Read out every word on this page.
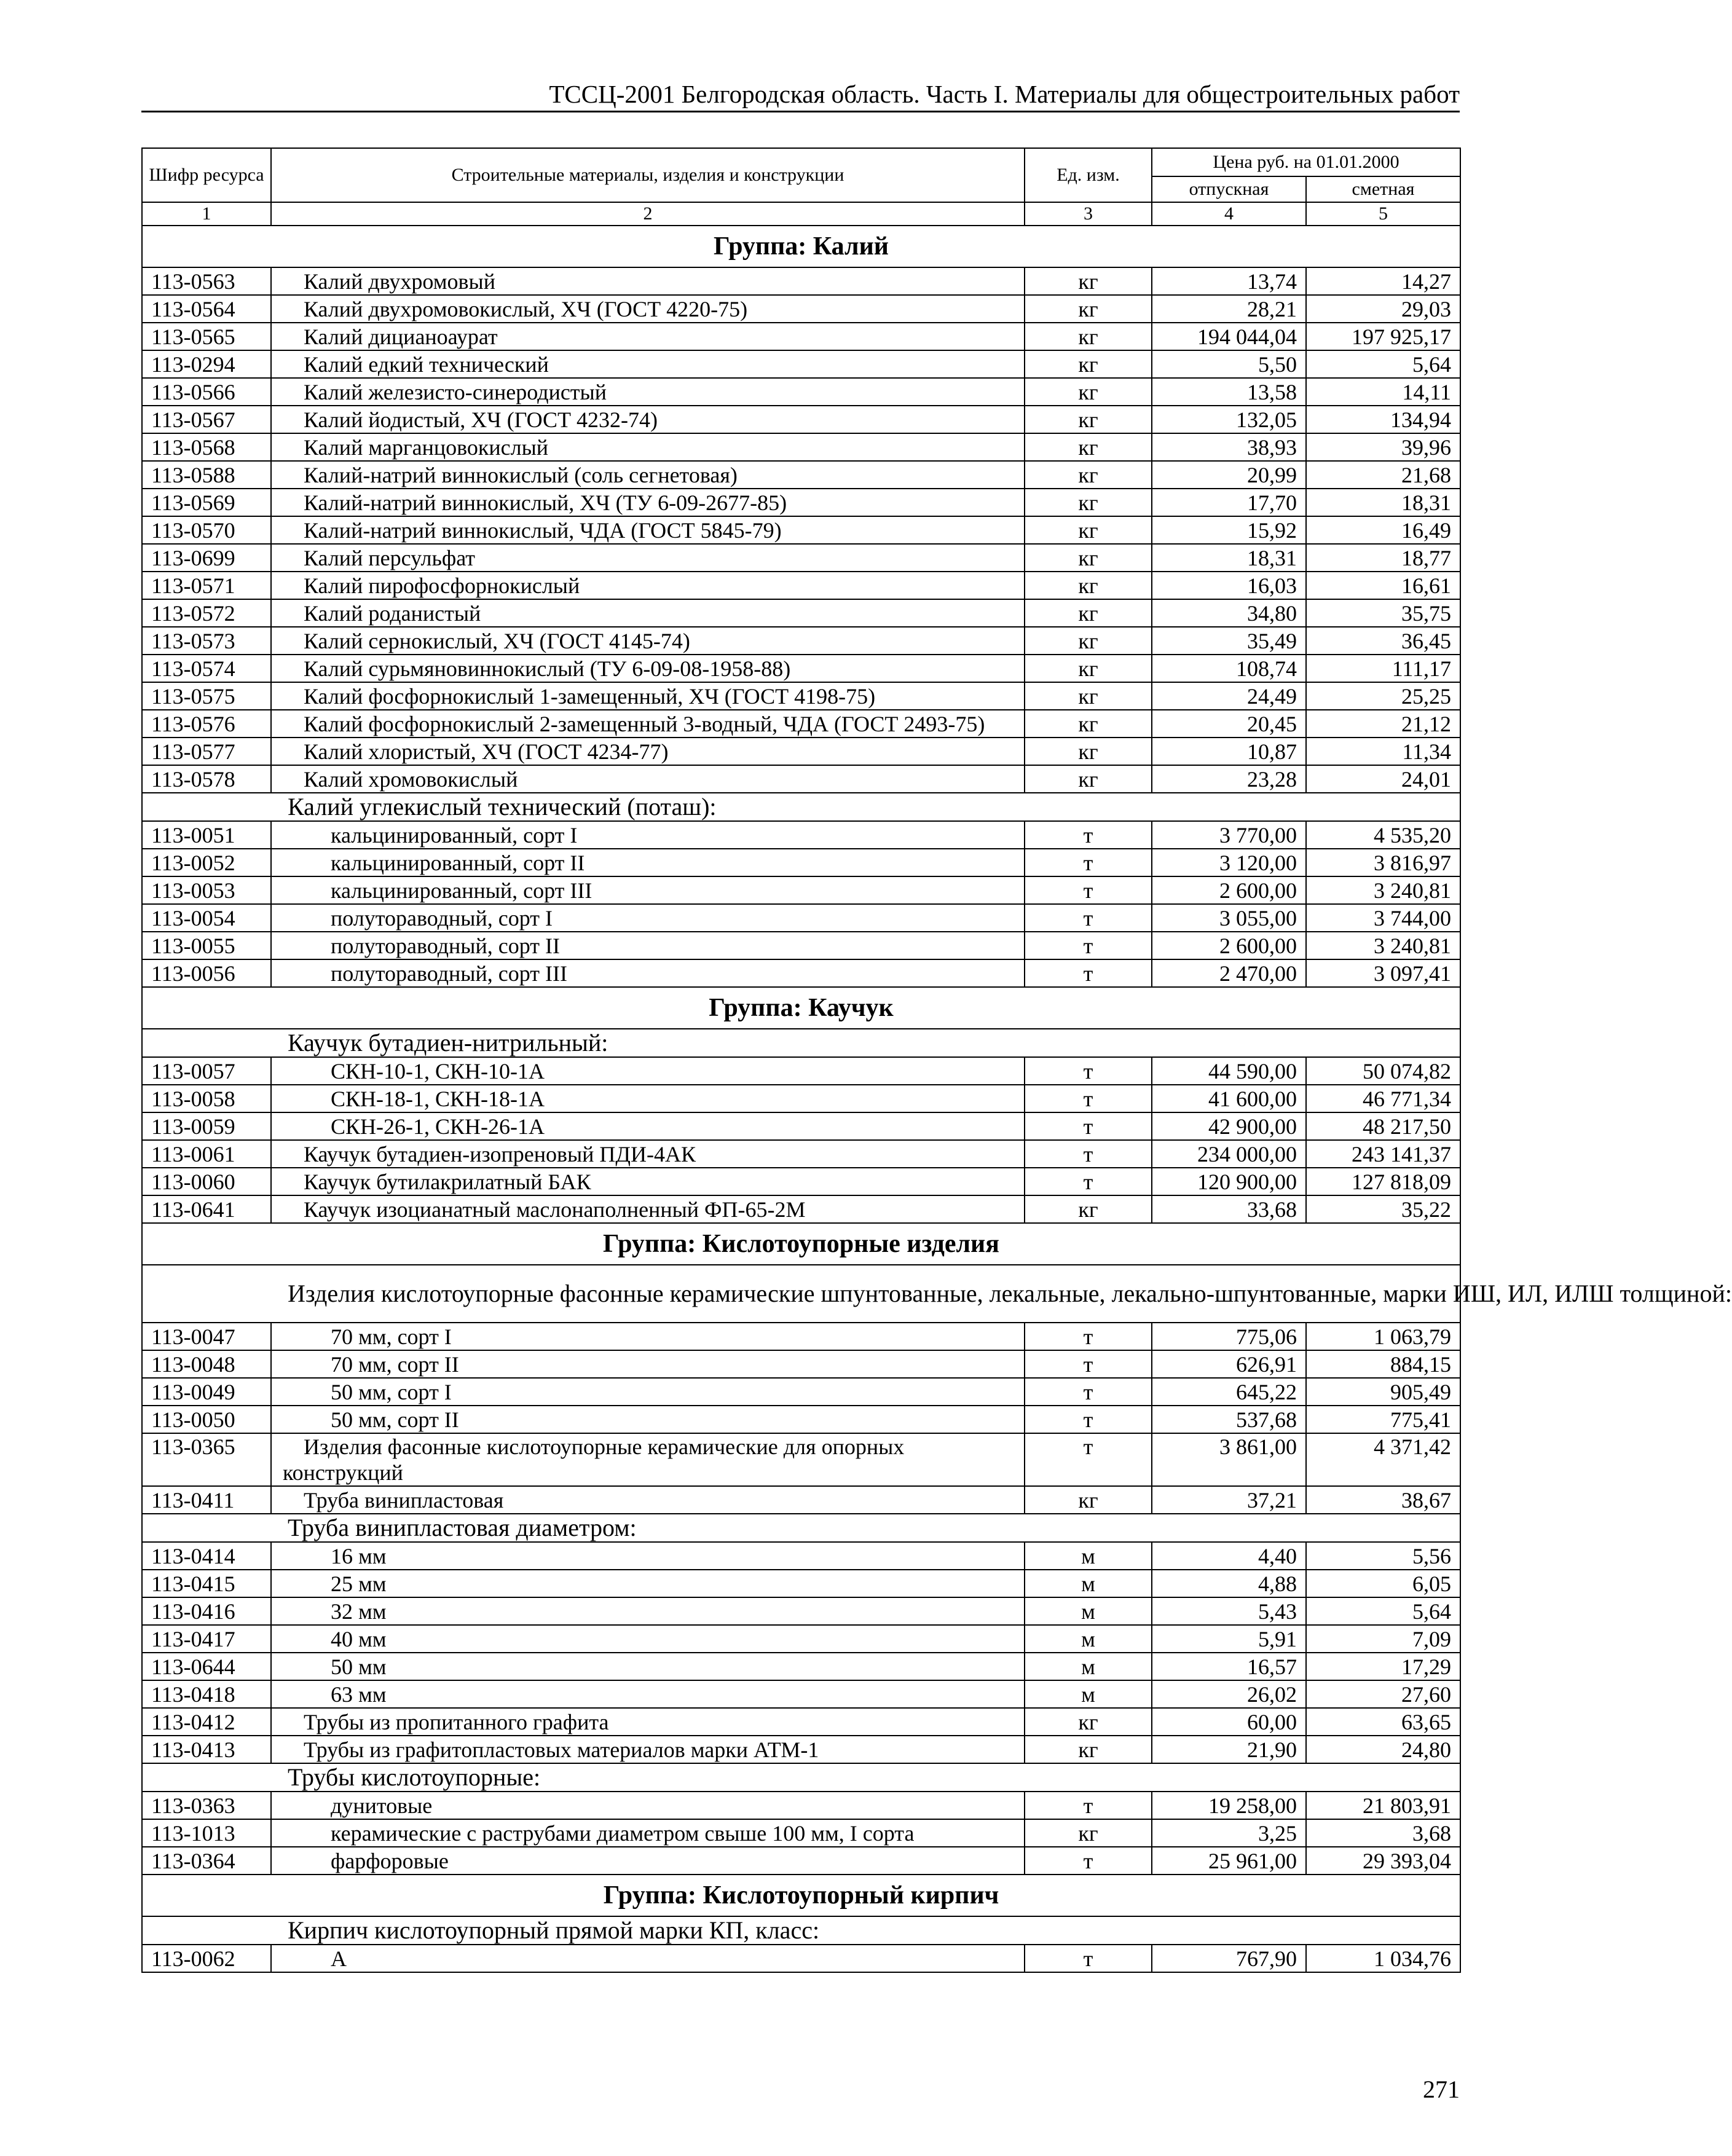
ТССЦ-2001 Белгородская область. Часть I. Материалы для общестроительных работ
Шифр ресурса	Строительные материалы, изделия и конструкции	Ед. изм.	Цена руб. на 01.01.2000	
			отпускная	сметная
1	2	3	4	5
Группа: Калий				
113-0563	Калий двухромовый	кг	13,74	14,27
113-0564	Калий двухромовокислый, ХЧ (ГОСТ 4220-75)	кг	28,21	29,03
113-0565	Калий дицианоаурат	кг	194 044,04	197 925,17
113-0294	Калий едкий технический	кг	5,50	5,64
113-0566	Калий железисто-синеродистый	кг	13,58	14,11
113-0567	Калий йодистый, ХЧ (ГОСТ 4232-74)	кг	132,05	134,94
113-0568	Калий марганцовокислый	кг	38,93	39,96
113-0588	Калий-натрий виннокислый (соль сегнетовая)	кг	20,99	21,68
113-0569	Калий-натрий виннокислый, ХЧ (ТУ 6-09-2677-85)	кг	17,70	18,31
113-0570	Калий-натрий виннокислый, ЧДА (ГОСТ 5845-79)	кг	15,92	16,49
113-0699	Калий персульфат	кг	18,31	18,77
113-0571	Калий пирофосфорнокислый	кг	16,03	16,61
113-0572	Калий роданистый	кг	34,80	35,75
113-0573	Калий сернокислый, ХЧ (ГОСТ 4145-74)	кг	35,49	36,45
113-0574	Калий сурьмяновиннокислый (ТУ 6-09-08-1958-88)	кг	108,74	111,17
113-0575	Калий фосфорнокислый 1-замещенный, ХЧ (ГОСТ 4198-75)	кг	24,49	25,25
113-0576	Калий фосфорнокислый 2-замещенный 3-водный, ЧДА (ГОСТ 2493-75)	кг	20,45	21,12
113-0577	Калий хлористый, ХЧ (ГОСТ 4234-77)	кг	10,87	11,34
113-0578	Калий хромовокислый	кг	23,28	24,01
Калий углекислый технический (поташ):				
113-0051	кальцинированный, сорт I	т	3 770,00	4 535,20
113-0052	кальцинированный, сорт II	т	3 120,00	3 816,97
113-0053	кальцинированный, сорт III	т	2 600,00	3 240,81
113-0054	полутораводный, сорт I	т	3 055,00	3 744,00
113-0055	полутораводный, сорт II	т	2 600,00	3 240,81
113-0056	полутораводный, сорт III	т	2 470,00	3 097,41
Группа: Каучук				
Каучук бутадиен-нитрильный:				
113-0057	СКН-10-1, СКН-10-1А	т	44 590,00	50 074,82
113-0058	СКН-18-1, СКН-18-1А	т	41 600,00	46 771,34
113-0059	СКН-26-1, СКН-26-1А	т	42 900,00	48 217,50
113-0061	Каучук бутадиен-изопреновый ПДИ-4АК	т	234 000,00	243 141,37
113-0060	Каучук бутилакрилатный БАК	т	120 900,00	127 818,09
113-0641	Каучук изоцианатный маслонаполненный ФП-65-2М	кг	33,68	35,22
Группа: Кислотоупорные изделия				
Изделия кислотоупорные фасонные керамические шпунтованные, лекальные, лекально-шпунтованные, марки ИШ, ИЛ, ИЛШ толщиной:				
113-0047	70 мм, сорт I	т	775,06	1 063,79
113-0048	70 мм, сорт II	т	626,91	884,15
113-0049	50 мм, сорт I	т	645,22	905,49
113-0050	50 мм, сорт II	т	537,68	775,41
113-0365	Изделия фасонные кислотоупорные керамические для опорных
конструкций	т	3 861,00	4 371,42
113-0411	Труба винипластовая	кг	37,21	38,67
Труба винипластовая диаметром:				
113-0414	16 мм	м	4,40	5,56
113-0415	25 мм	м	4,88	6,05
113-0416	32 мм	м	5,43	5,64
113-0417	40 мм	м	5,91	7,09
113-0644	50 мм	м	16,57	17,29
113-0418	63 мм	м	26,02	27,60
113-0412	Трубы из пропитанного графита	кг	60,00	63,65
113-0413	Трубы из графитопластовых материалов марки АТМ-1	кг	21,90	24,80
Трубы кислотоупорные:				
113-0363	дунитовые	т	19 258,00	21 803,91
113-1013	керамические с раструбами диаметром свыше 100 мм, I сорта	кг	3,25	3,68
113-0364	фарфоровые	т	25 961,00	29 393,04
Группа: Кислотоупорный кирпич				
Кирпич кислотоупорный прямой марки КП, класс:				
113-0062	А	т	767,90	1 034,76
271
